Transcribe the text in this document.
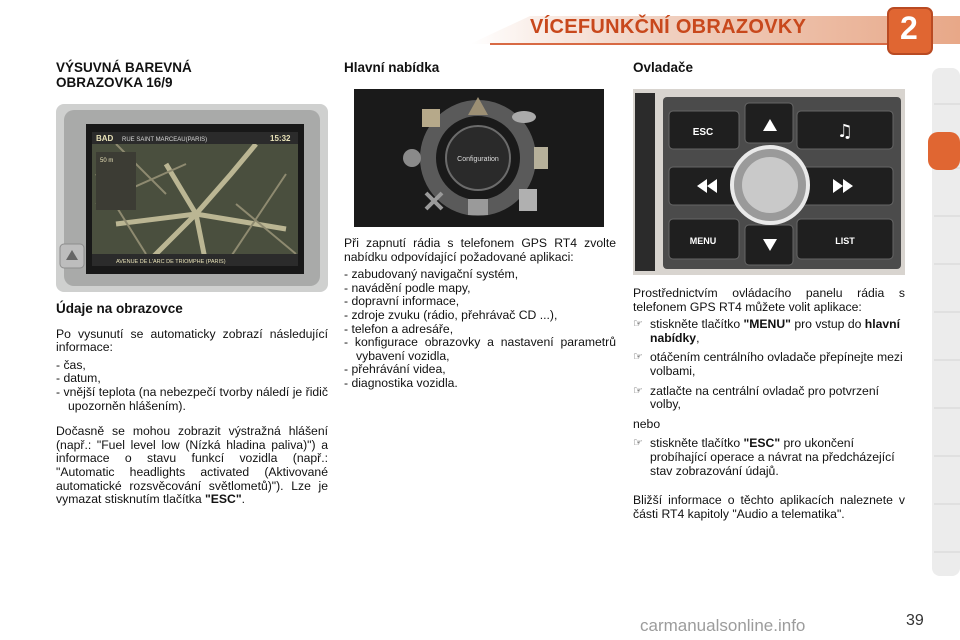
VÍCEFUNKČNÍ OBRAZOVKY	2
VÝSUVNÁ BAREVNÁ
OBRAZOVKA 16/9
BAD RUE SAINT MARCEAU(PARIS)	15:32
50 m
AVENUE DE L'ARC DE TRIOMPHE (PARIS)
Údaje na obrazovce

Po vysunutí se automaticky zobrazí následující informace:

- čas,
- datum,
- vnější teplota (na nebezpečí tvorby náledí je řidič upozorněn hlášením).

Dočasně se mohou zobrazit výstražná hlášení (např.: "Fuel level low (Nízká hladina paliva)") a informace o stavu funkcí vozidla (např.: "Automatic headlights activated (Aktivované automatické rozsvěcování světlometů)"). Lze je vymazat stisknutím tlačítka "ESC".

Hlavní nabídka
Configuration

Při zapnutí rádia s telefonem GPS RT4 zvolte nabídku odpovídající požadované aplikaci:

- zabudovaný navigační systém,
- navádění podle mapy,
- dopravní informace,
- zdroje zvuku (rádio, přehrávač CD ...),
- telefon a adresáře,
- konfigurace obrazovky a nastavení parametrů vybavení vozidla,
- přehrávání videa,
- diagnostika vozidla.
Ovladače
ESC
MENU	LIST
♫

Prostřednictvím ovládacího panelu rádia s telefonem GPS RT4 můžete volit aplikace:

☞ stiskněte tlačítko "MENU" pro vstup do hlavní nabídky,
☞ otáčením centrálního ovladače přepínejte mezi volbami,
☞ zatlačte na centrální ovladač pro potvrzení volby,

nebo

☞ stiskněte tlačítko "ESC" pro ukončení probíhající operace a návrat na předcházející stav zobrazování údajů.

Bližší informace o těchto aplikacích naleznete v části RT4 kapitoly "Audio a telematika".

carmanualsonline.info	39
